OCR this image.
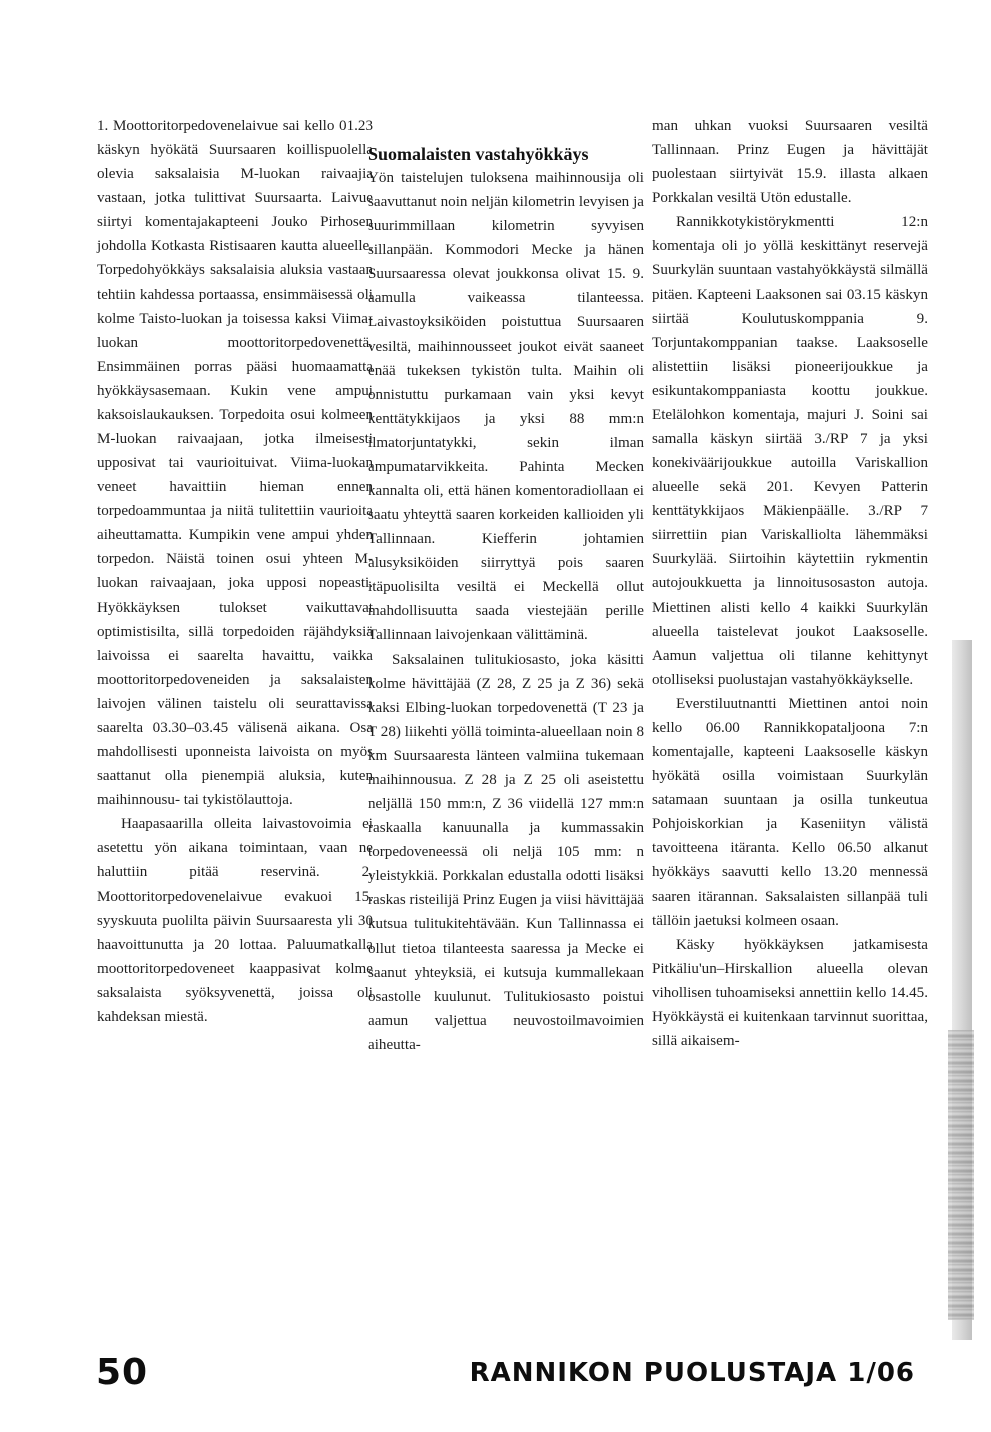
1. Moottoritorpedovenelaivue sai kello 01.23 käskyn hyökätä Suursaaren koillispuolella olevia saksalaisia M-luokan raivaajia vastaan, jotka tulittivat Suursaarta. Laivue siirtyi komentajakapteeni Jouko Pirhosen johdolla Kotkasta Ristisaaren kautta alueelle. Torpedohyökkäys saksalaisia aluksia vastaan tehtiin kahdessa portaassa, ensimmäisessä oli kolme Taisto-luokan ja toisessa kaksi Viima-luokan moottoritorpedovenettä. Ensimmäinen porras pääsi huomaamatta hyökkäysasemaan. Kukin vene ampui kaksoislaukauksen. Torpedoita osui kolmeen M-luokan raivaajaan, jotka ilmeisesti upposivat tai vaurioituivat. Viima-luokan veneet havaittiin hieman ennen torpedoammuntaa ja niitä tulitettiin vaurioita aiheuttamatta. Kumpikin vene ampui yhden torpedon. Näistä toinen osui yhteen M-luokan raivaajaan, joka upposi nopeasti. Hyökkäyksen tulokset vaikuttavat optimistisilta, sillä torpedoiden räjähdyksiä laivoissa ei saarelta havaittu, vaikka moottoritorpedoveneiden ja saksalaisten laivojen välinen taistelu oli seurattavissa saarelta 03.30–03.45 välisenä aikana. Osa mahdollisesti uponneista laivoista on myös saattanut olla pienempiä aluksia, kuten maihinnousu- tai tykistölauttoja.

Haapasaarilla olleita laivastovoimia ei asetettu yön aikana toimintaan, vaan ne haluttiin pitää reservinä. 2. Moottoritorpedovenelaivue evakuoi 15. syyskuuta puolilta päivin Suursaaresta yli 30 haavoittunutta ja 20 lottaa. Paluumatkalla moottoritorpedoveneet kaappasivat kolme saksalaista syöksyvenettä, joissa oli kahdeksan miestä.

Suomalaisten vastahyökkäys

Yön taistelujen tuloksena maihinnousija oli saavuttanut noin neljän kilometrin levyisen ja suurimmillaan kilometrin syvyisen sillanpään. Kommodori Mecke ja hänen Suursaaressa olevat joukkonsa olivat 15. 9. aamulla vaikeassa tilanteessa. Laivastoyksiköiden poistuttua Suursaaren vesiltä, maihinnousseet joukot eivät saaneet enää tukeksen tykistön tulta. Maihin oli onnistuttu purkamaan vain yksi kevyt kenttätykkijaos ja yksi 88 mm:n ilmatorjuntatykki, sekin ilman ampumatarvikkeita. Pahinta Mecken kannalta oli, että hänen komentoradiollaan ei saatu yhteyttä saaren korkeiden kallioiden yli Tallinnaan. Kiefferin johtamien alusyksiköiden siirryttyä pois saaren itäpuolisilta vesiltä ei Meckellä ollut mahdollisuutta saada viestejään perille Tallinnaan laivojenkaan välittäminä.

Saksalainen tulitukiosasto, joka käsitti kolme hävittäjää (Z 28, Z 25 ja Z 36) sekä kaksi Elbing-luokan torpedovenettä (T 23 ja T 28) liikehti yöllä toiminta-alueellaan noin 8 km Suursaaresta länteen valmiina tukemaan maihinnousua. Z 28 ja Z 25 oli aseistettu neljällä 150 mm:n, Z 36 viidellä 127 mm:n raskaalla kanuunalla ja kummassakin torpedoveneessä oli neljä 105 mm: n yleistykkiä. Porkkalan edustalla odotti lisäksi raskas risteilijä Prinz Eugen ja viisi hävittäjää kutsua tulitukitehtävään. Kun Tallinnassa ei ollut tietoa tilanteesta saaressa ja Mecke ei saanut yhteyksiä, ei kutsuja kummallekaan osastolle kuulunut. Tulitukiosasto poistui aamun valjettua neuvostoilmavoimien aiheutta-

man uhkan vuoksi Suursaaren vesiltä Tallinnaan. Prinz Eugen ja hävittäjät puolestaan siirtyivät 15.9. illasta alkaen Porkkalan vesiltä Utön edustalle.

Rannikkotykistörykmentti 12:n komentaja oli jo yöllä keskittänyt reservejä Suurkylän suuntaan vastahyökkäystä silmällä pitäen. Kapteeni Laaksonen sai 03.15 käskyn siirtää Koulutuskomppania 9. Torjuntakomppanian taakse. Laaksoselle alistettiin lisäksi pioneerijoukkue ja esikuntakomppaniasta koottu joukkue. Etelälohkon komentaja, majuri J. Soini sai samalla käskyn siirtää 3./RP 7 ja yksi konekiväärijoukkue autoilla Variskallion alueelle sekä 201. Kevyen Patterin kenttätykkijaos Mäkienpäälle. 3./RP 7 siirrettiin pian Variskalliolta lähemmäksi Suurkylää. Siirtoihin käytettiin rykmentin autojoukkuetta ja linnoitusosaston autoja. Miettinen alisti kello 4 kaikki Suurkylän alueella taistelevat joukot Laaksoselle. Aamun valjettua oli tilanne kehittynyt otolliseksi puolustajan vastahyökkäykselle.

Everstiluutnantti Miettinen antoi noin kello 06.00 Rannikkopataljoona 7:n komentajalle, kapteeni Laaksoselle käskyn hyökätä osilla voimistaan Suurkylän satamaan suuntaan ja osilla tunkeutua Pohjoiskorkian ja Kaseniityn välistä tavoitteena itäranta. Kello 06.50 alkanut hyökkäys saavutti kello 13.20 mennessä saaren itärannan. Saksalaisten sillanpää tuli tällöin jaetuksi kolmeen osaan.

Käsky hyökkäyksen jatkamisesta Pitkäliu'un–Hirskallion alueella olevan vihollisen tuhoamiseksi annettiin kello 14.45. Hyökkäystä ei kuitenkaan tarvinnut suorittaa, sillä aikaisem-

50	RANNIKON PUOLUSTAJA 1/06
